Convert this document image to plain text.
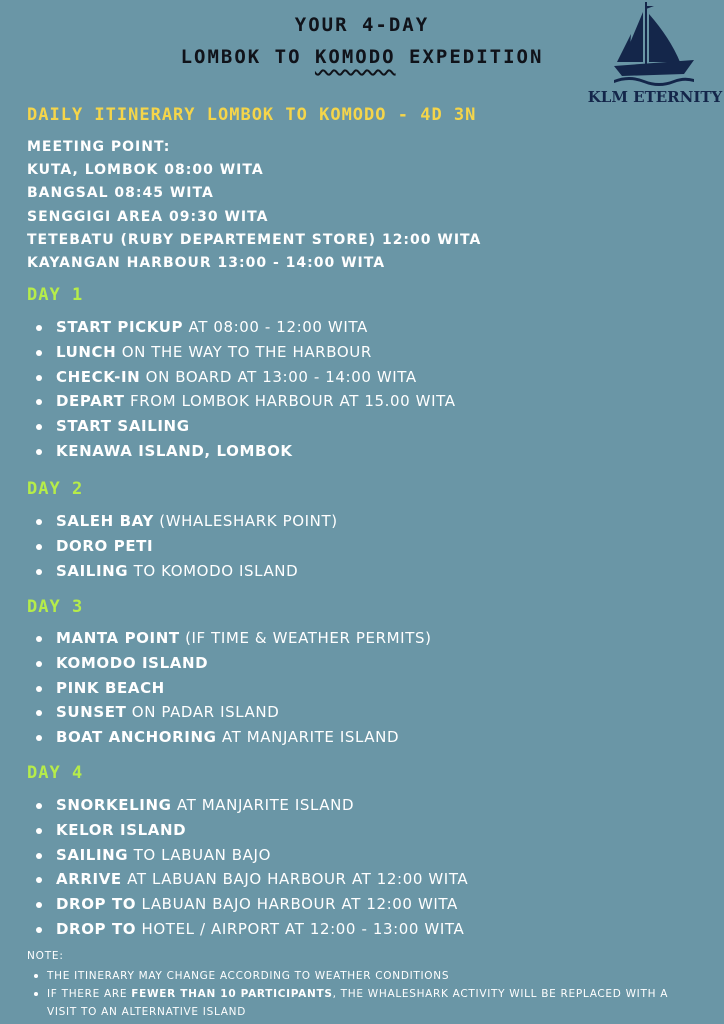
YOUR 4-DAY
LOMBOK TO KOMODO EXPEDITION
KLM ETERNITY
DAILY ITINERARY LOMBOK TO KOMODO - 4D 3N
MEETING POINT:
KUTA, LOMBOK 08:00 WITA
BANGSAL 08:45 WITA
SENGGIGI AREA 09:30 WITA
TETEBATU (RUBY DEPARTEMENT STORE) 12:00 WITA
KAYANGAN HARBOUR 13:00 - 14:00 WITA
DAY 1
START PICKUP AT 08:00 - 12:00 WITA
LUNCH ON THE WAY TO THE HARBOUR
CHECK-IN ON BOARD AT 13:00 - 14:00 WITA
DEPART FROM LOMBOK HARBOUR AT 15.00 WITA
START SAILING
KENAWA ISLAND, LOMBOK
DAY 2
SALEH BAY (WHALESHARK POINT)
DORO PETI
SAILING TO KOMODO ISLAND
DAY 3
MANTA POINT (IF TIME & WEATHER PERMITS)
KOMODO ISLAND
PINK BEACH
SUNSET ON PADAR ISLAND
BOAT ANCHORING AT MANJARITE ISLAND
DAY 4
SNORKELING AT MANJARITE ISLAND
KELOR ISLAND
SAILING TO LABUAN BAJO
ARRIVE AT LABUAN BAJO HARBOUR AT 12:00 WITA
DROP TO LABUAN BAJO HARBOUR AT 12:00 WITA
DROP TO HOTEL / AIRPORT AT 12:00 - 13:00 WITA
NOTE:
THE ITINERARY MAY CHANGE ACCORDING TO WEATHER CONDITIONS
IF THERE ARE FEWER THAN 10 PARTICIPANTS, THE WHALESHARK ACTIVITY WILL BE REPLACED WITH A VISIT TO AN ALTERNATIVE ISLAND
